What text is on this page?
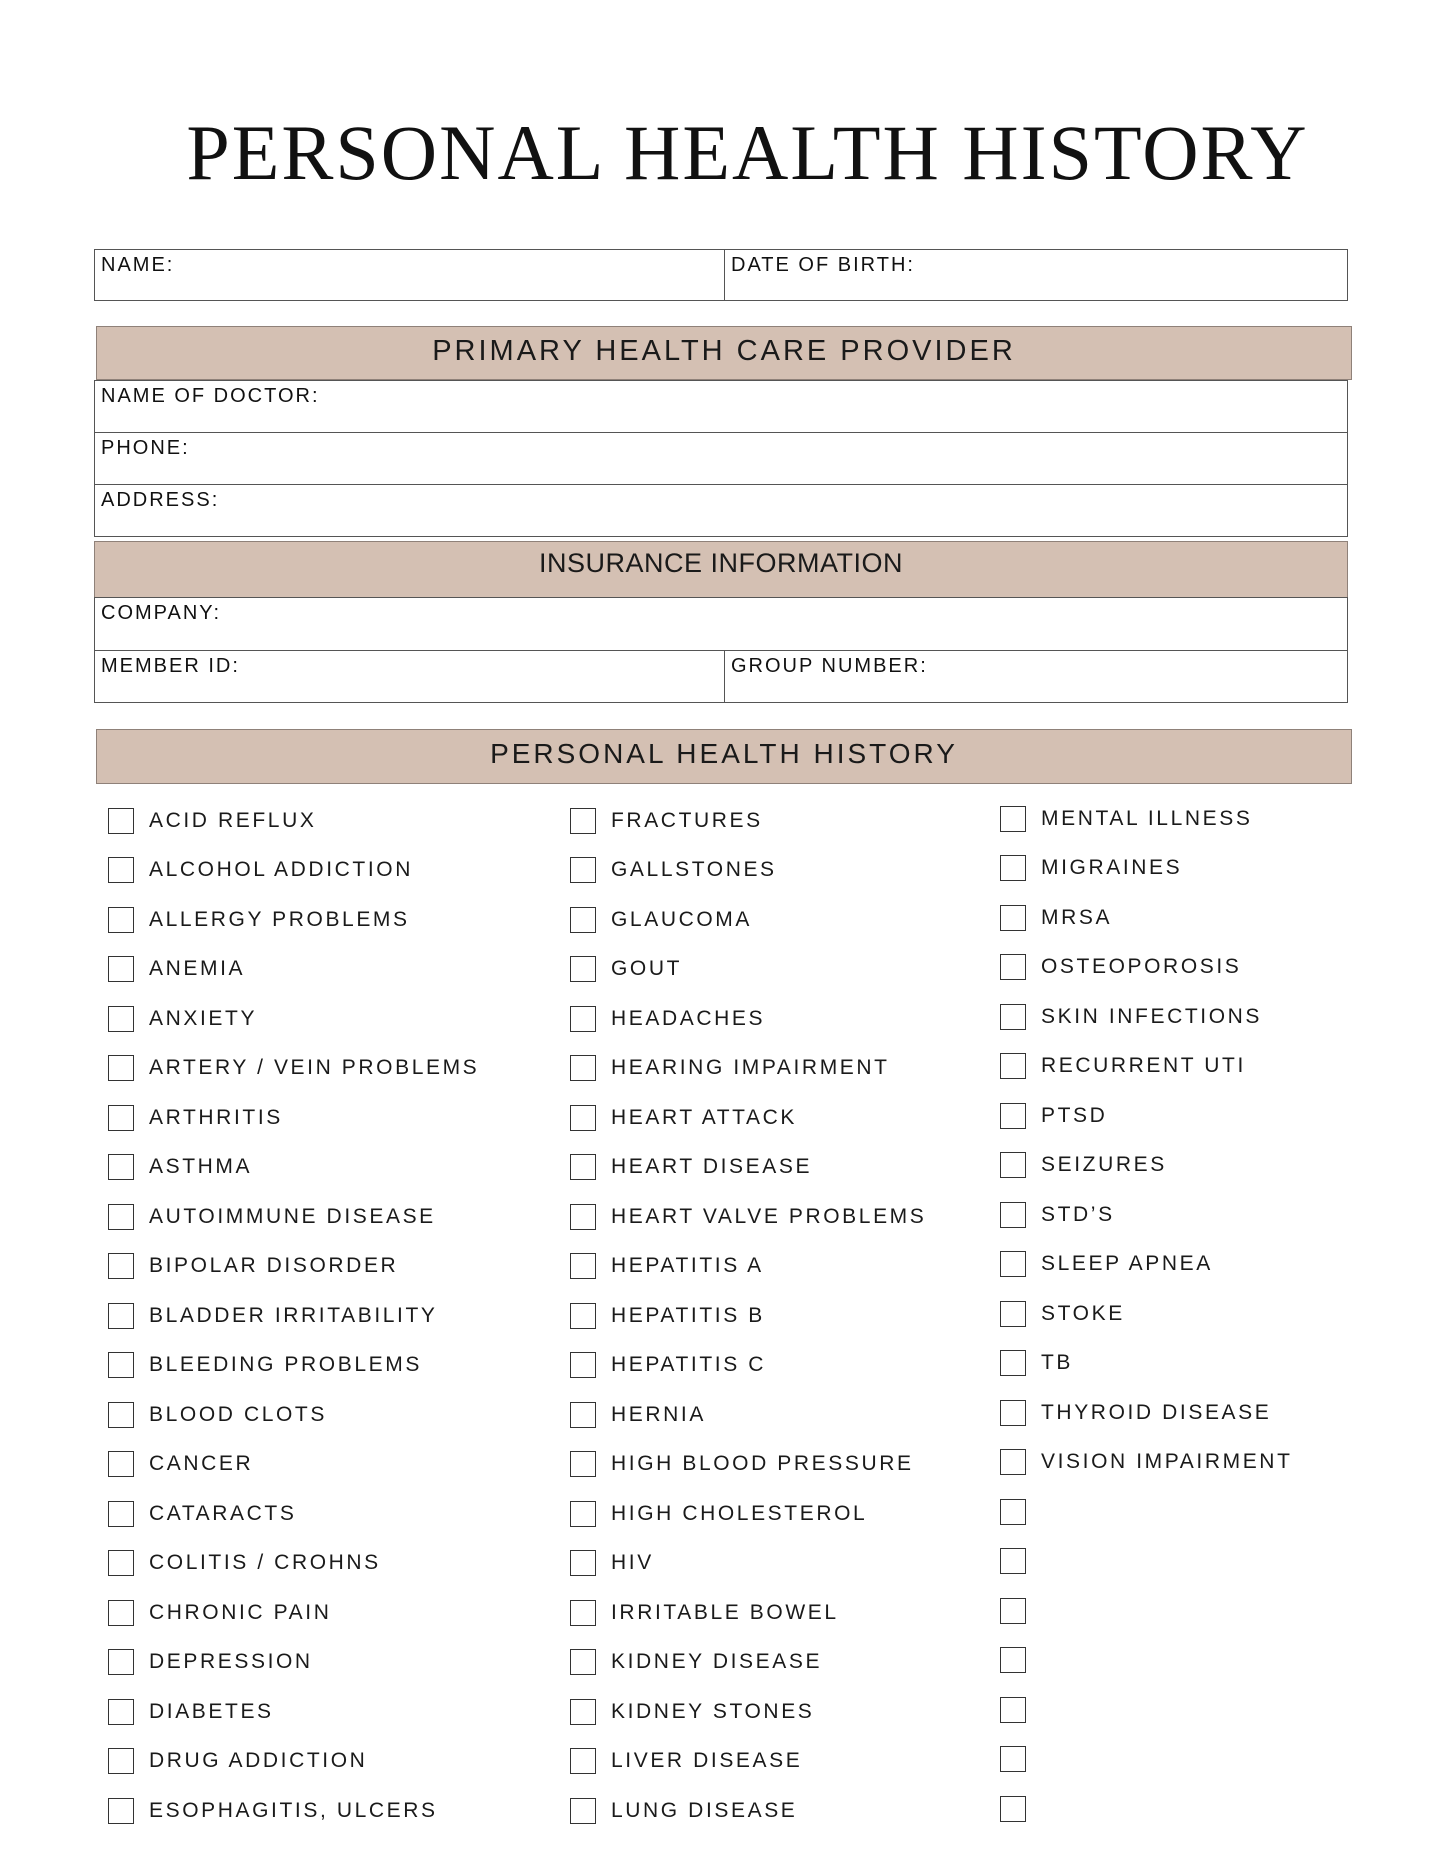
PERSONAL HEALTH HISTORY
NAME:	DATE OF BIRTH:
PRIMARY HEALTH CARE PROVIDER
NAME OF DOCTOR:
PHONE:
ADDRESS:
INSURANCE INFORMATION
COMPANY:
MEMBER ID:	GROUP NUMBER:
PERSONAL HEALTH HISTORY
ACID REFLUX
ALCOHOL ADDICTION
ALLERGY PROBLEMS
ANEMIA
ANXIETY
ARTERY / VEIN PROBLEMS
ARTHRITIS
ASTHMA
AUTOIMMUNE DISEASE
BIPOLAR DISORDER
BLADDER IRRITABILITY
BLEEDING PROBLEMS
BLOOD CLOTS
CANCER
CATARACTS
COLITIS / CROHNS
CHRONIC PAIN
DEPRESSION
DIABETES
DRUG ADDICTION
ESOPHAGITIS, ULCERS
FRACTURES
GALLSTONES
GLAUCOMA
GOUT
HEADACHES
HEARING IMPAIRMENT
HEART ATTACK
HEART DISEASE
HEART VALVE PROBLEMS
HEPATITIS A
HEPATITIS B
HEPATITIS C
HERNIA
HIGH BLOOD PRESSURE
HIGH CHOLESTEROL
HIV
IRRITABLE BOWEL
KIDNEY DISEASE
KIDNEY STONES
LIVER DISEASE
LUNG DISEASE
MENTAL ILLNESS
MIGRAINES
MRSA
OSTEOPOROSIS
SKIN INFECTIONS
RECURRENT UTI
PTSD
SEIZURES
STD’S
SLEEP APNEA
STOKE
TB
THYROID DISEASE
VISION IMPAIRMENT
